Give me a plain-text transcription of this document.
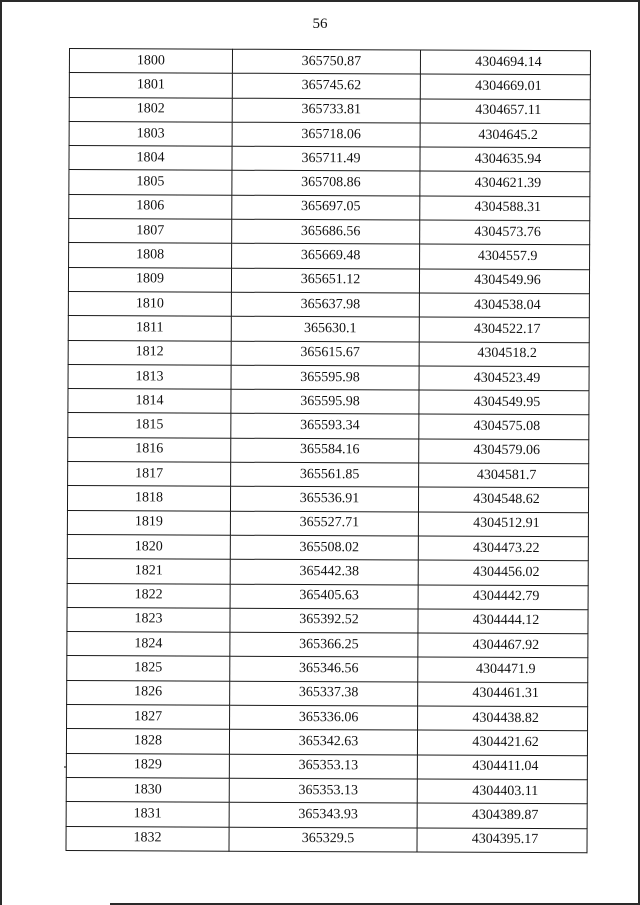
56
1800	365750.87	4304694.14
1801	365745.62	4304669.01
1802	365733.81	4304657.11
1803	365718.06	4304645.2
1804	365711.49	4304635.94
1805	365708.86	4304621.39
1806	365697.05	4304588.31
1807	365686.56	4304573.76
1808	365669.48	4304557.9
1809	365651.12	4304549.96
1810	365637.98	4304538.04
1811	365630.1	4304522.17
1812	365615.67	4304518.2
1813	365595.98	4304523.49
1814	365595.98	4304549.95
1815	365593.34	4304575.08
1816	365584.16	4304579.06
1817	365561.85	4304581.7
1818	365536.91	4304548.62
1819	365527.71	4304512.91
1820	365508.02	4304473.22
1821	365442.38	4304456.02
1822	365405.63	4304442.79
1823	365392.52	4304444.12
1824	365366.25	4304467.92
1825	365346.56	4304471.9
1826	365337.38	4304461.31
1827	365336.06	4304438.82
1828	365342.63	4304421.62
1829	365353.13	4304411.04
1830	365353.13	4304403.11
1831	365343.93	4304389.87
1832	365329.5	4304395.17
